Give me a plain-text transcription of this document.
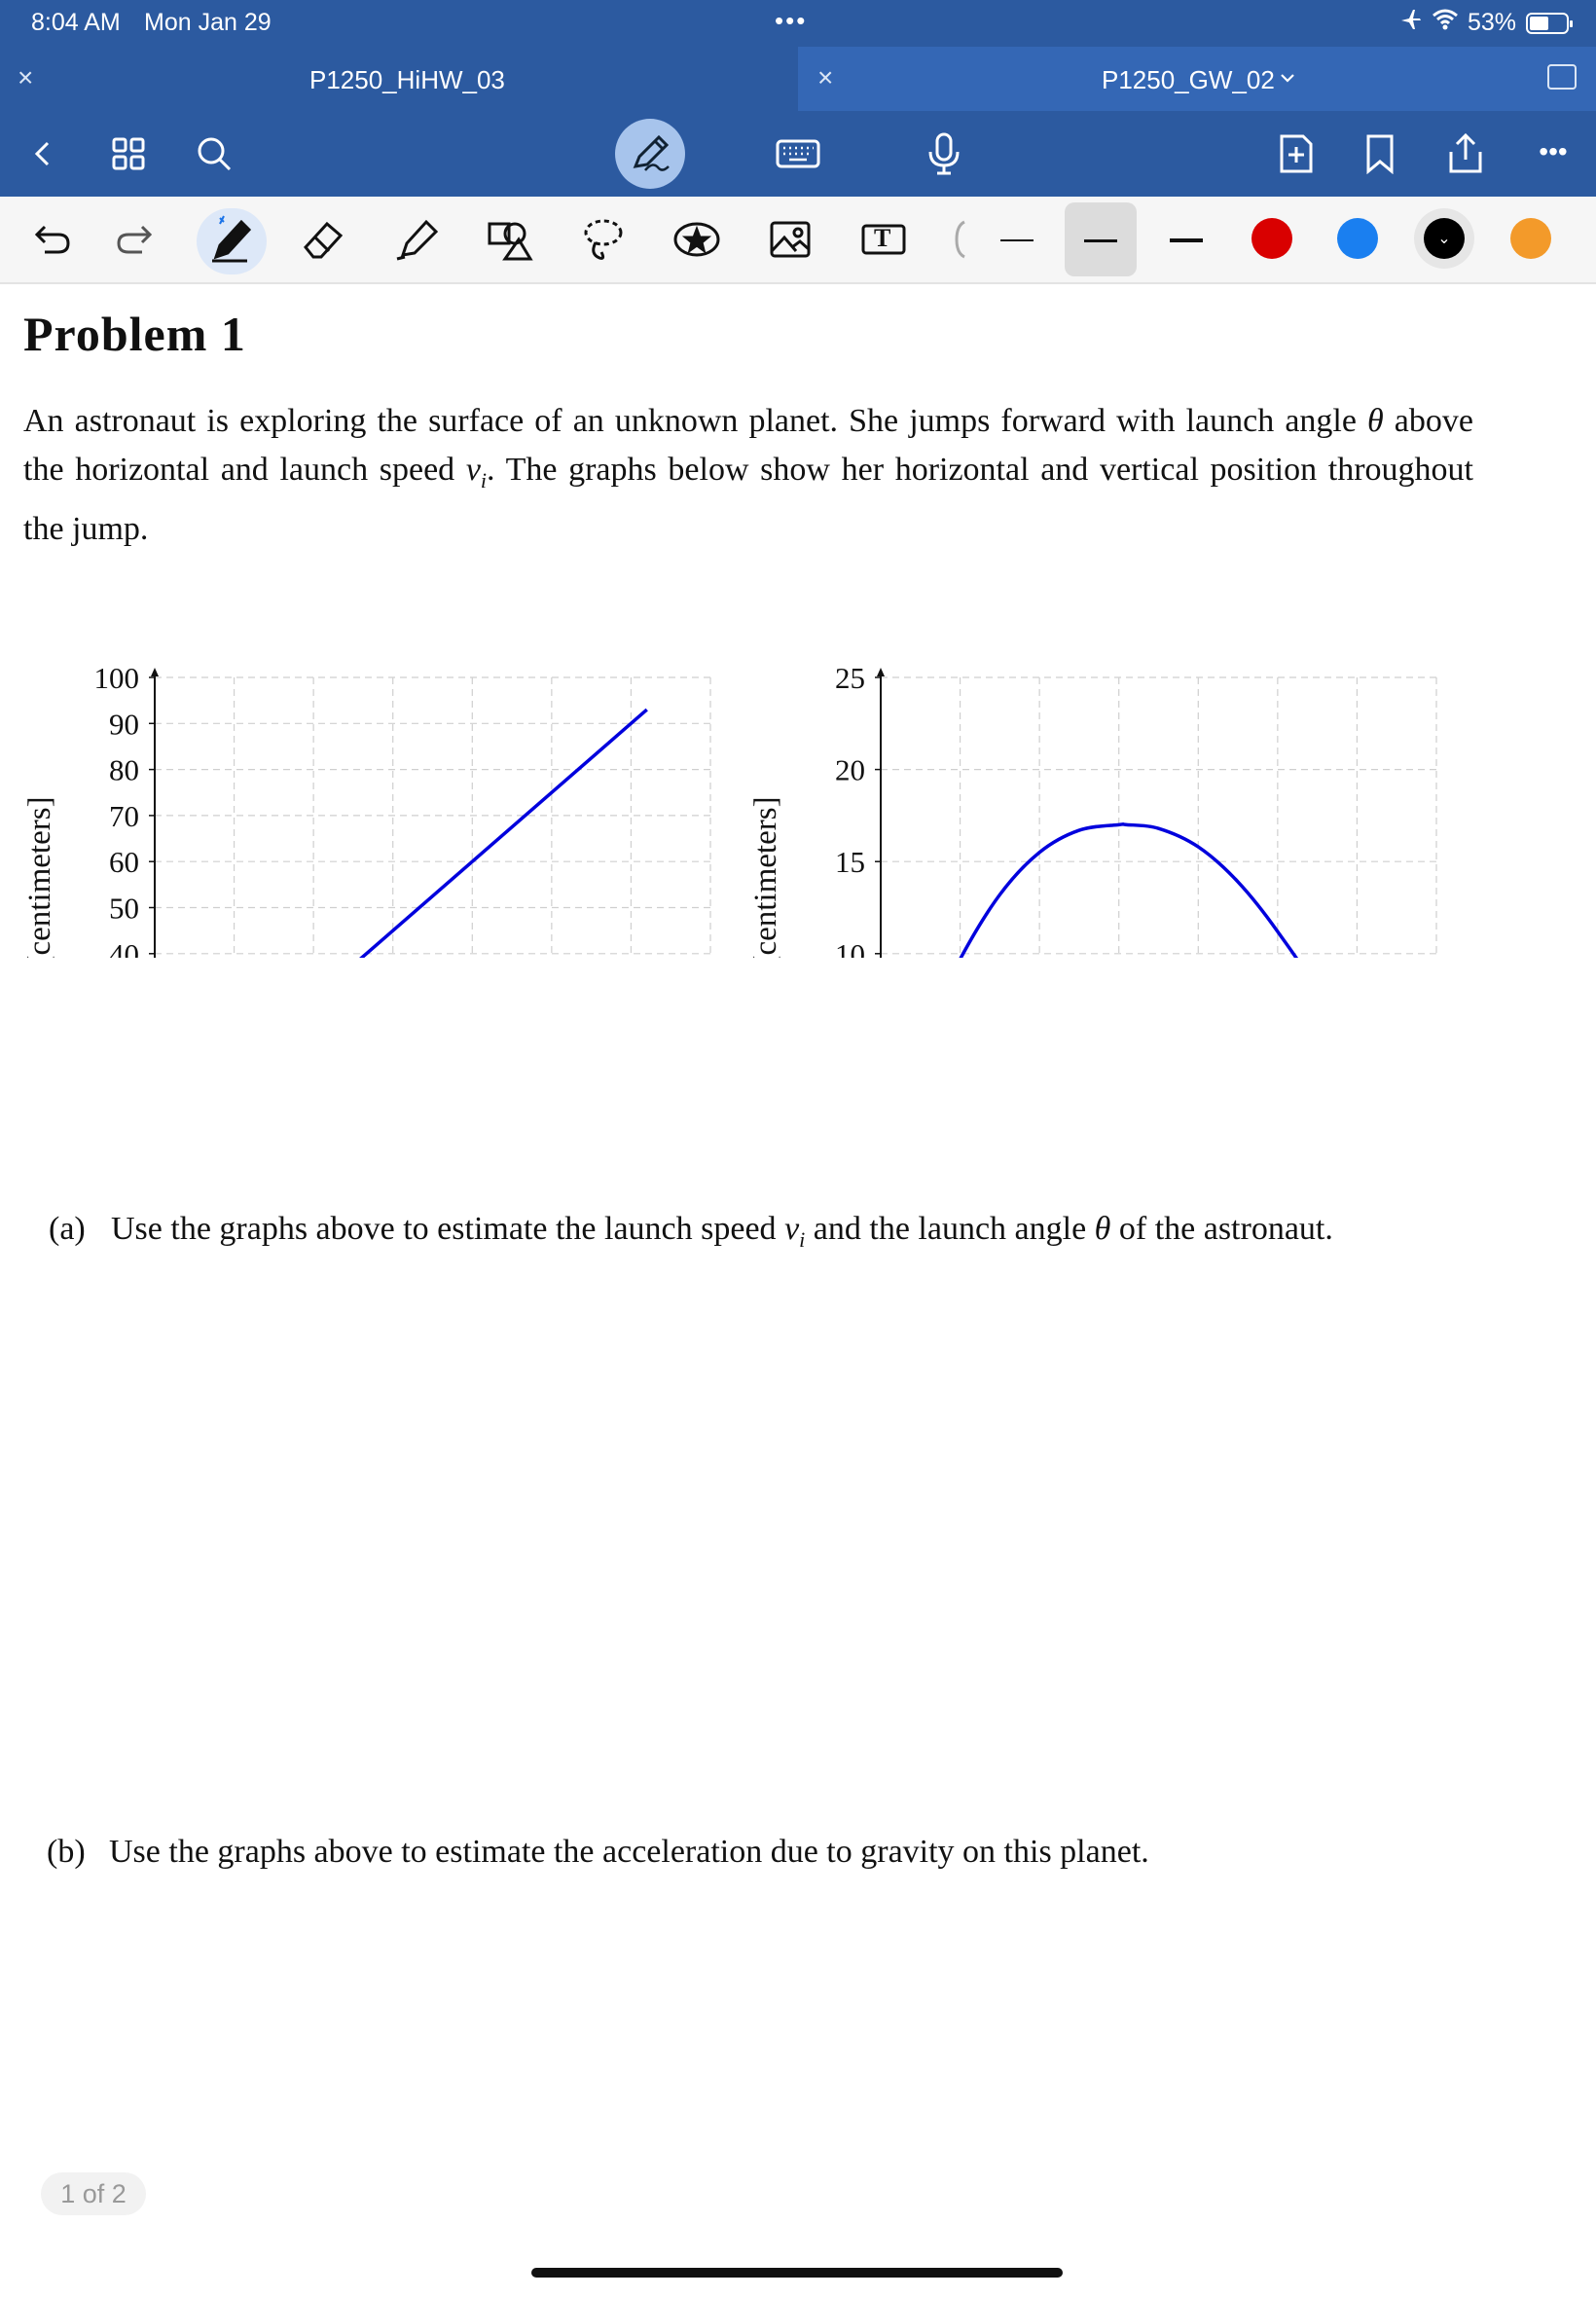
8:04 AM Mon Jan 29	•••	53%
×	P1250_HiHW_03	×	P1250_GW_02
•••
T	⌄
Problem 1
An astronaut is exploring the surface of an unknown planet. She jumps forward with launch angle θ above the horizontal and launch speed $v_i$. The graphs below show her horizontal and vertical position throughout the jump.
40
50
60
70
80
90
100
[centimeters]	10
15
20
25
[centimeters]
(a) Use the graphs above to estimate the launch speed $v_i$ and the launch angle θ of the astronaut.
(b) Use the graphs above to estimate the acceleration due to gravity on this planet.
1 of 2
